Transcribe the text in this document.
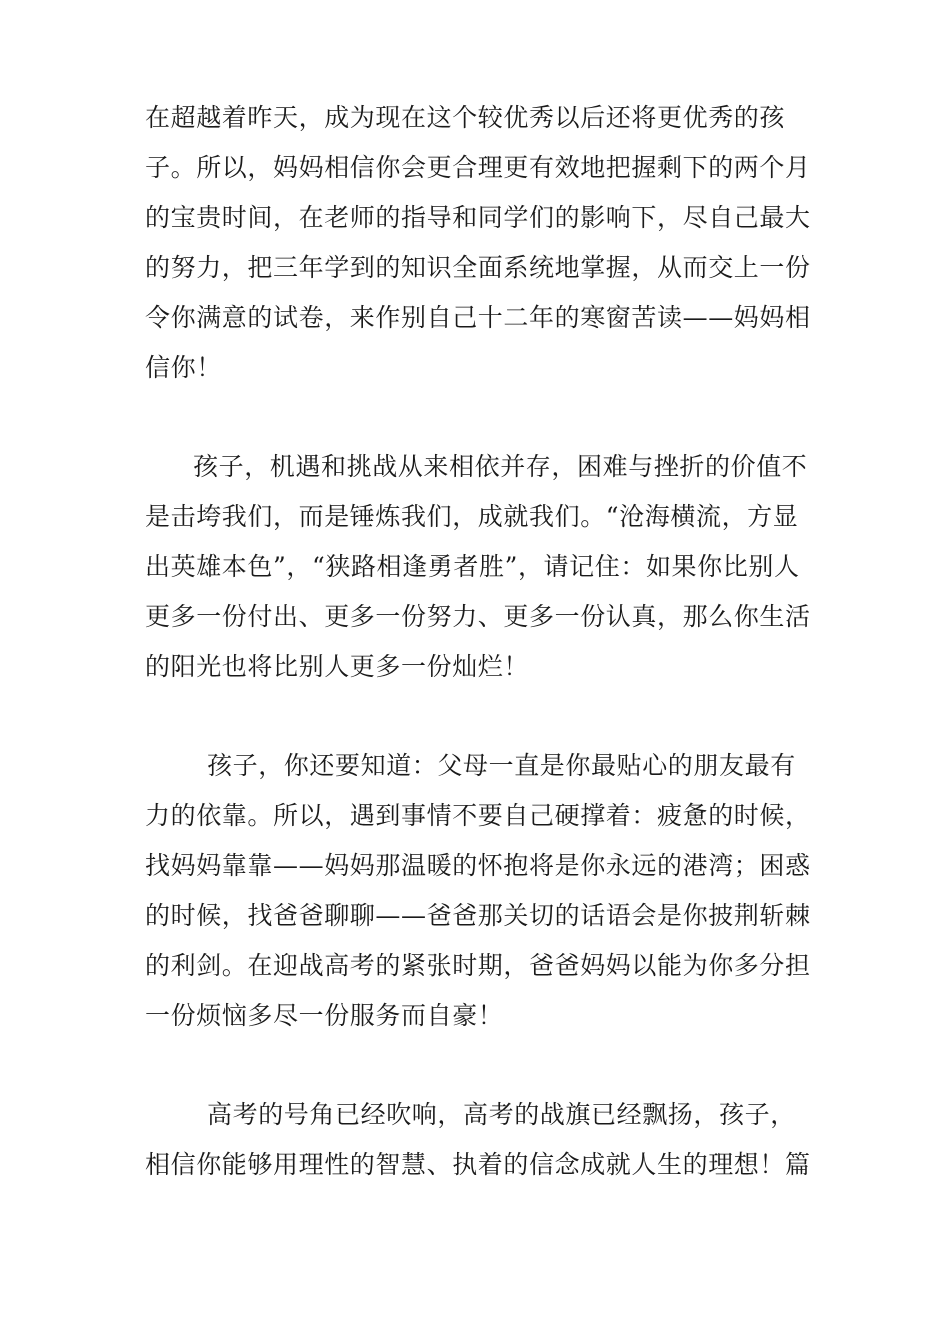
在超越着昨天，成为现在这个较优秀以后还将更优秀的孩

子。所以，妈妈相信你会更合理更有效地把握剩下的两个月

的宝贵时间，在老师的指导和同学们的影响下，尽自己最大

的努力，把三年学到的知识全面系统地掌握，从而交上一份

令你满意的试卷，来作别自己十二年的寒窗苦读——妈妈相

信你！

孩子，机遇和挑战从来相依并存，困难与挫折的价值不

是击垮我们，而是锤炼我们，成就我们。“沧海横流，方显

出英雄本色”，“狭路相逢勇者胜”，请记住：如果你比别人

更多一份付出、更多一份努力、更多一份认真，那么你生活

的阳光也将比别人更多一份灿烂！

孩子，你还要知道：父母一直是你最贴心的朋友最有

力的依靠。所以，遇到事情不要自己硬撑着：疲惫的时候，

找妈妈靠靠——妈妈那温暖的怀抱将是你永远的港湾；困惑

的时候，找爸爸聊聊——爸爸那关切的话语会是你披荆斩棘

的利剑。在迎战高考的紧张时期，爸爸妈妈以能为你多分担

一份烦恼多尽一份服务而自豪！

高考的号角已经吹响，高考的战旗已经飘扬，孩子，

相信你能够用理性的智慧、执着的信念成就人生的理想！篇
